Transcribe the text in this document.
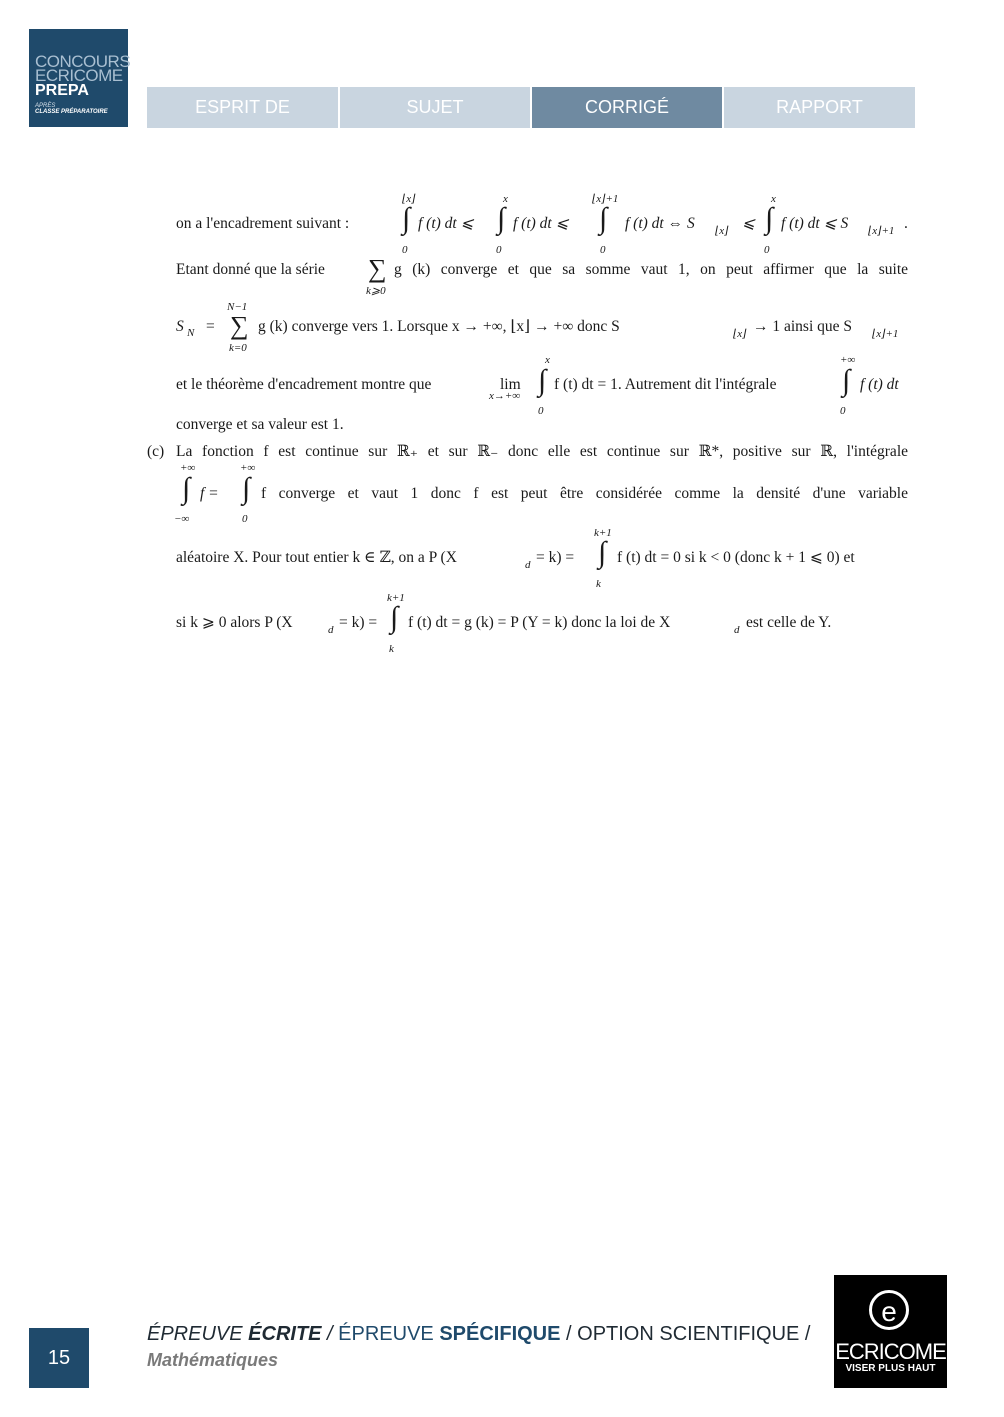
CONCOURS
ECRICOME
PREPA
APRÈS
CLASSE PRÉPARATOIRE	ESPRIT DE L'ÉPREUVE
SUJET	CORRIGÉ	RAPPORT
on a l'encadrement suivant :
⌊x⌋
∫
0
f (t) dt ⩽
x
∫
0
f (t) dt ⩽
⌊x⌋+1
∫
0
f (t) dt ⇔ S ⌊x⌋ ⩽
x
∫
0
f (t) dt ⩽ S ⌊x⌋+1 .
Etant donné que la série ∑
k⩾0
g (k) converge et que sa somme vaut 1, on peut affirmer que la suite
S N =
N−1
∑
k=0
g (k) converge vers 1. Lorsque x → +∞, ⌊x⌋ → +∞ donc S	⌊x⌋ → 1 ainsi que S ⌊x⌋+1
et le théorème d'encadrement montre que	lim
x→+∞
x
∫
0
f (t) dt = 1. Autrement dit l'intégrale
+∞
∫
0
f (t) dt
converge et sa valeur est 1.
(c) La fonction f est continue sur ℝ₊ et sur ℝ₋ donc elle est continue sur ℝ*, positive sur ℝ, l'intégrale
+∞
∫
−∞
f =
+∞
∫
0
f converge et vaut 1 donc f est peut être considérée comme la densité d'une variable
aléatoire X. Pour tout entier k ∈ ℤ, on a P (X	d = k) =
k+1
∫
k
f (t) dt = 0 si k < 0 (donc k + 1 ⩽ 0) et
si k ⩾ 0 alors P (X	d = k) =
k+1
∫
k
f (t) dt = g (k) = P (Y = k) donc la loi de X	d est celle de Y.
15
ÉPREUVE ÉCRITE / ÉPREUVE SPÉCIFIQUE / OPTION SCIENTIFIQUE /
Mathématiques
e
ECRICOME
VISER PLUS HAUT
